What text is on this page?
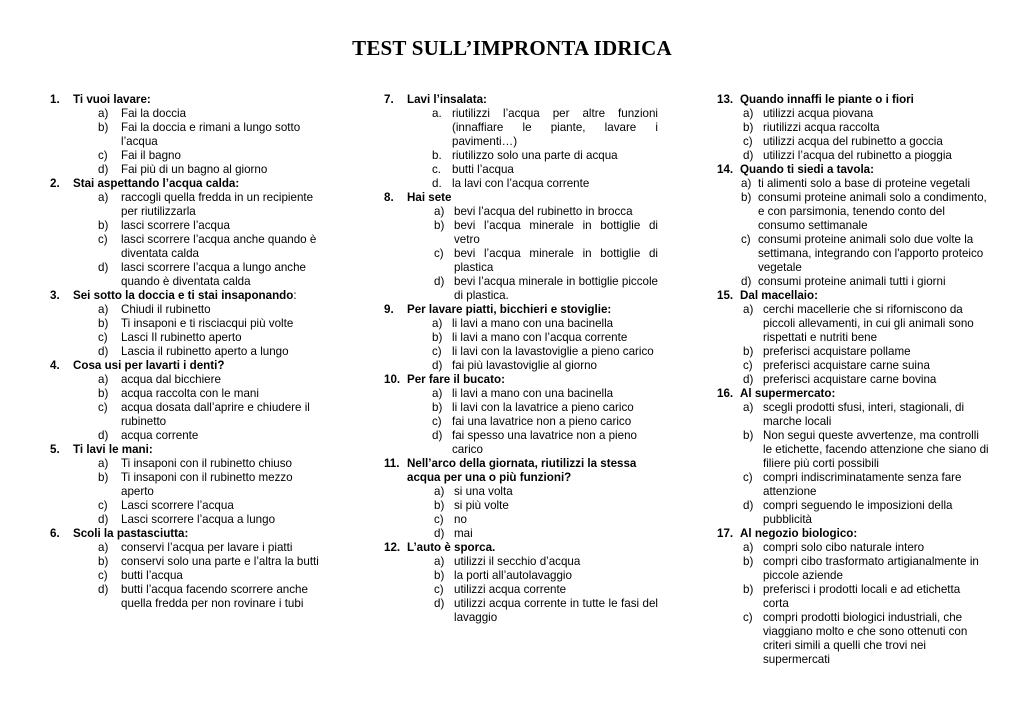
TEST SULL’IMPRONTA IDRICA
1. Ti vuoi lavare:
a) Fai la doccia
b) Fai la doccia e rimani a lungo sotto l’acqua
c) Fai il bagno
d) Fai più di un bagno al giorno
2. Stai aspettando l’acqua calda:
a) raccogli quella fredda in un recipiente per riutilizzarla
b) lasci scorrere l’acqua
c) lasci scorrere l’acqua anche quando è diventata calda
d) lasci scorrere l’acqua a lungo anche quando è diventata calda
3. Sei sotto la doccia e ti stai insaponando:
a) Chiudi il rubinetto
b) Ti insaponi e ti risciacqui più volte
c) Lasci Il rubinetto aperto
d) Lascia il rubinetto aperto a lungo
4. Cosa usi per lavarti i denti?
a) acqua dal bicchiere
b) acqua raccolta con le mani
c) acqua dosata dall’aprire e chiudere il rubinetto
d) acqua corrente
5. Ti lavi le mani:
a) Ti insaponi con il rubinetto chiuso
b) Ti insaponi con il rubinetto mezzo aperto
c) Lasci scorrere l’acqua
d) Lasci scorrere l’acqua a lungo
6. Scoli la pastasciutta:
a) conservi l’acqua per lavare i piatti
b) conservi solo una parte e l’altra la butti
c) butti l’acqua
d) butti l’acqua facendo scorrere anche quella fredda per non rovinare i tubi
7. Lavi l’insalata:
a. riutilizzi l’acqua per altre funzioni (innaffiare le piante, lavare i pavimenti…)
b. riutilizzo solo una parte di acqua
c. butti l’acqua
d. la lavi con l’acqua corrente
8. Hai sete
a) bevi l’acqua del rubinetto in brocca
b) bevi l’acqua minerale in bottiglie di vetro
c) bevi l’acqua minerale in bottiglie di plastica
d) bevi l’acqua minerale in bottiglie piccole di plastica.
9. Per lavare piatti, bicchieri e stoviglie:
a) li lavi a mano con una bacinella
b) li lavi a mano con l’acqua corrente
c) li lavi con la lavastoviglie a pieno carico
d) fai più lavastoviglie al giorno
10. Per fare il bucato:
a) li lavi a mano con una bacinella
b) li lavi con la lavatrice a pieno carico
c) fai una lavatrice non a pieno carico
d) fai spesso una lavatrice non a pieno carico
11. Nell’arco della giornata, riutilizzi la stessa acqua per una o più funzioni?
a) si una volta
b) si più volte
c) no
d) mai
12. L’auto è sporca.
a) utilizzi il secchio d’acqua
b) la porti all’autolavaggio
c) utilizzi acqua corrente
d) utilizzi acqua corrente in tutte le fasi del lavaggio
13. Quando innaffi le piante o i fiori
a) utilizzi acqua piovana
b) riutilizzi acqua raccolta
c) utilizzi acqua del rubinetto a goccia
d) utilizzi l’acqua del rubinetto a pioggia
14. Quando ti siedi a tavola:
a) ti alimenti solo a base di proteine vegetali
b) consumi proteine animali solo a condimento, e con parsimonia, tenendo conto del consumo settimanale
c) consumi proteine animali solo due volte la settimana, integrando con l'apporto proteico vegetale
d) consumi proteine animali tutti i giorni
15. Dal macellaio:
a) cerchi macellerie che si riforniscono da piccoli allevamenti, in cui gli animali sono rispettati e nutriti bene
b) preferisci acquistare pollame
c) preferisci acquistare carne suina
d) preferisci acquistare carne bovina
16. Al supermercato:
a) scegli prodotti sfusi, interi, stagionali, di marche locali
b) Non segui queste avvertenze, ma controlli le etichette, facendo attenzione che siano di filiere più corti possibili
c) compri indiscriminatamente senza fare attenzione
d) compri seguendo le imposizioni della pubblicità
17. Al negozio biologico:
a) compri solo cibo naturale intero
b) compri cibo trasformato artigianalmente in piccole aziende
b) preferisci i prodotti locali e ad etichetta corta
c) compri prodotti biologici industriali, che viaggiano molto e che sono ottenuti con criteri simili a quelli che trovi nei supermercati
